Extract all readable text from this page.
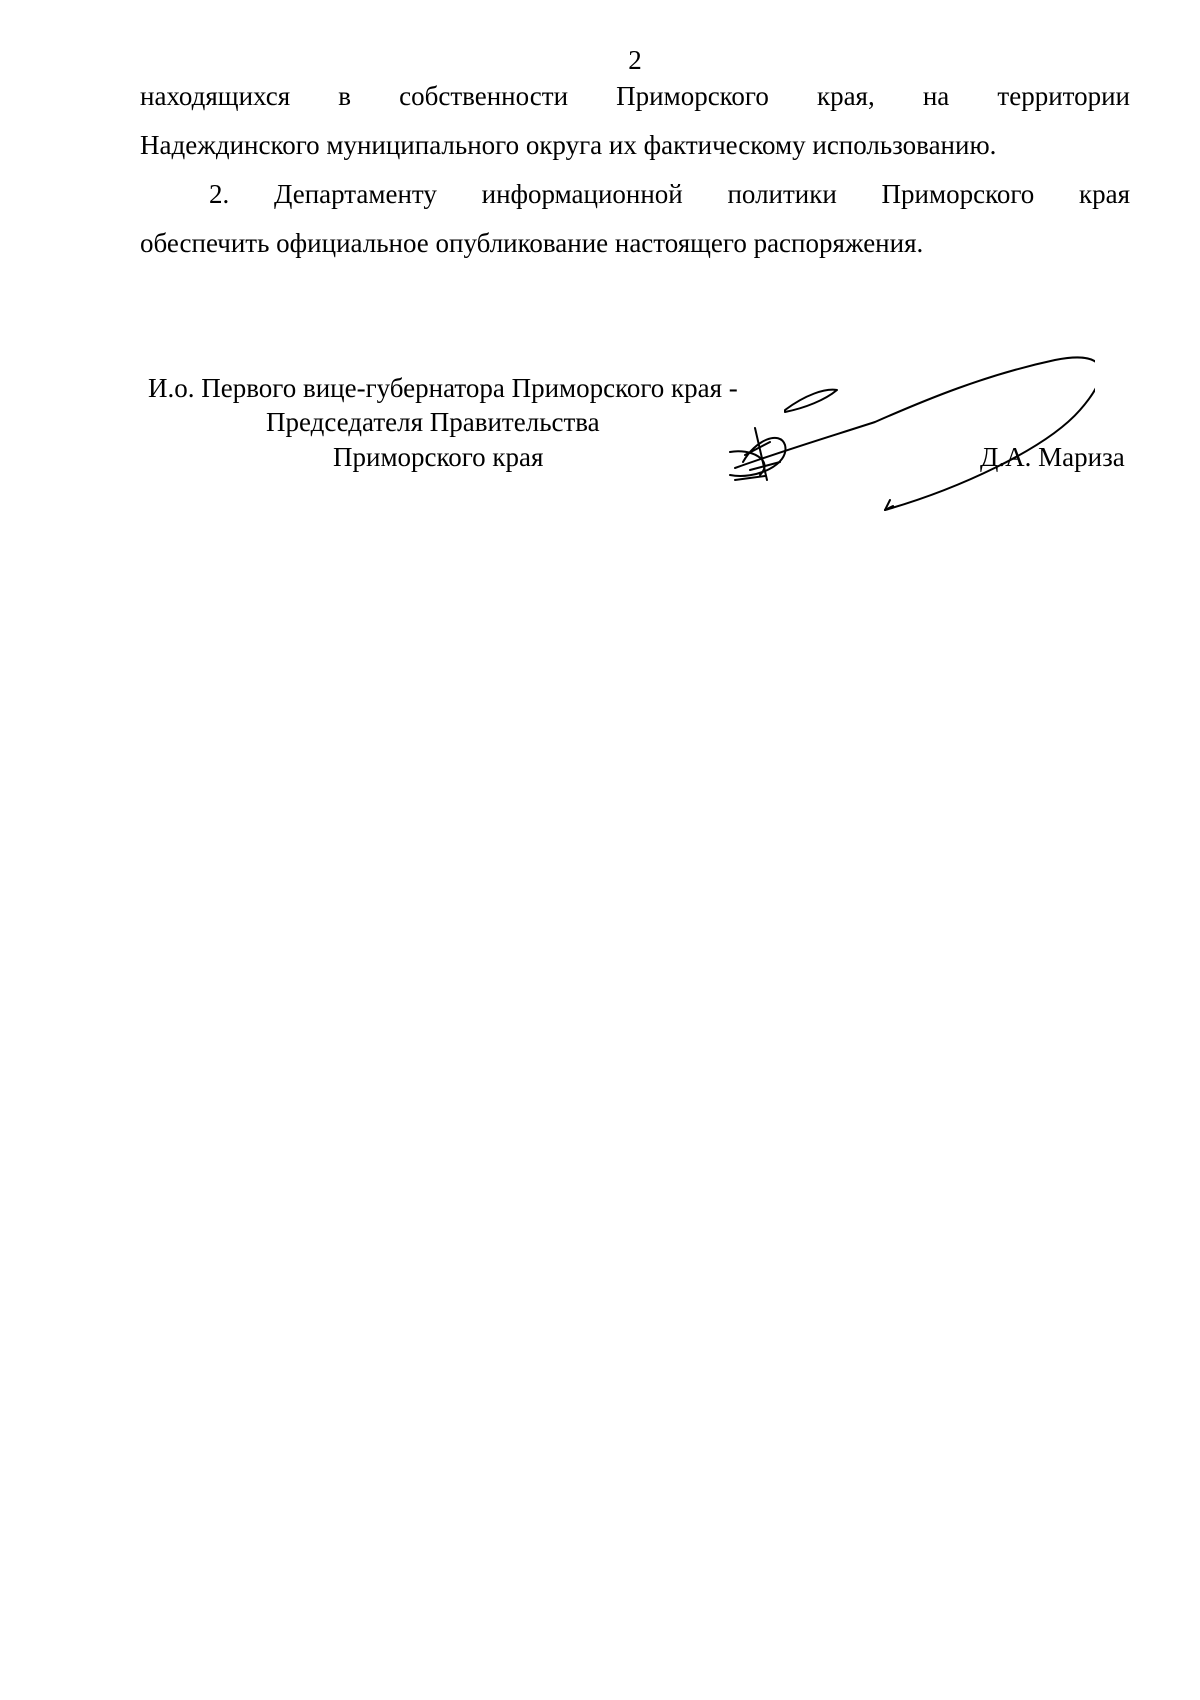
2
находящихся в собственности Приморского края, на территории
Надеждинского муниципального округа их фактическому использованию.
2. Департаменту информационной политики Приморского края
обеспечить официальное опубликование настоящего распоряжения.
И.о. Первого вице-губернатора Приморского края -
Председателя Правительства
Приморского края	Д.А. Мариза
